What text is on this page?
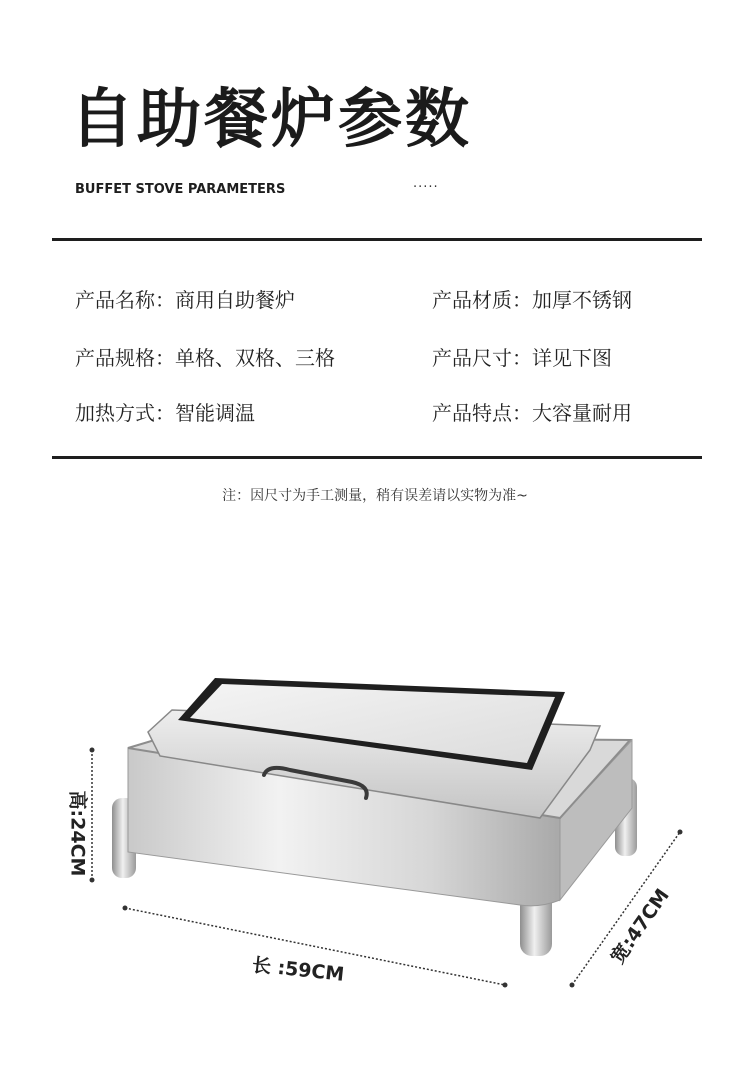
自助餐炉参数
BUFFET STOVE PARAMETERS	·····
产品名称：商用自助餐炉	产品材质：加厚不锈钢
产品规格：单格、双格、三格	产品尺寸：详见下图
加热方式：智能调温	产品特点：大容量耐用
注：因尺寸为手工测量，稍有误差请以实物为准~
高:24CM
长 :59CM
宽:47CM
